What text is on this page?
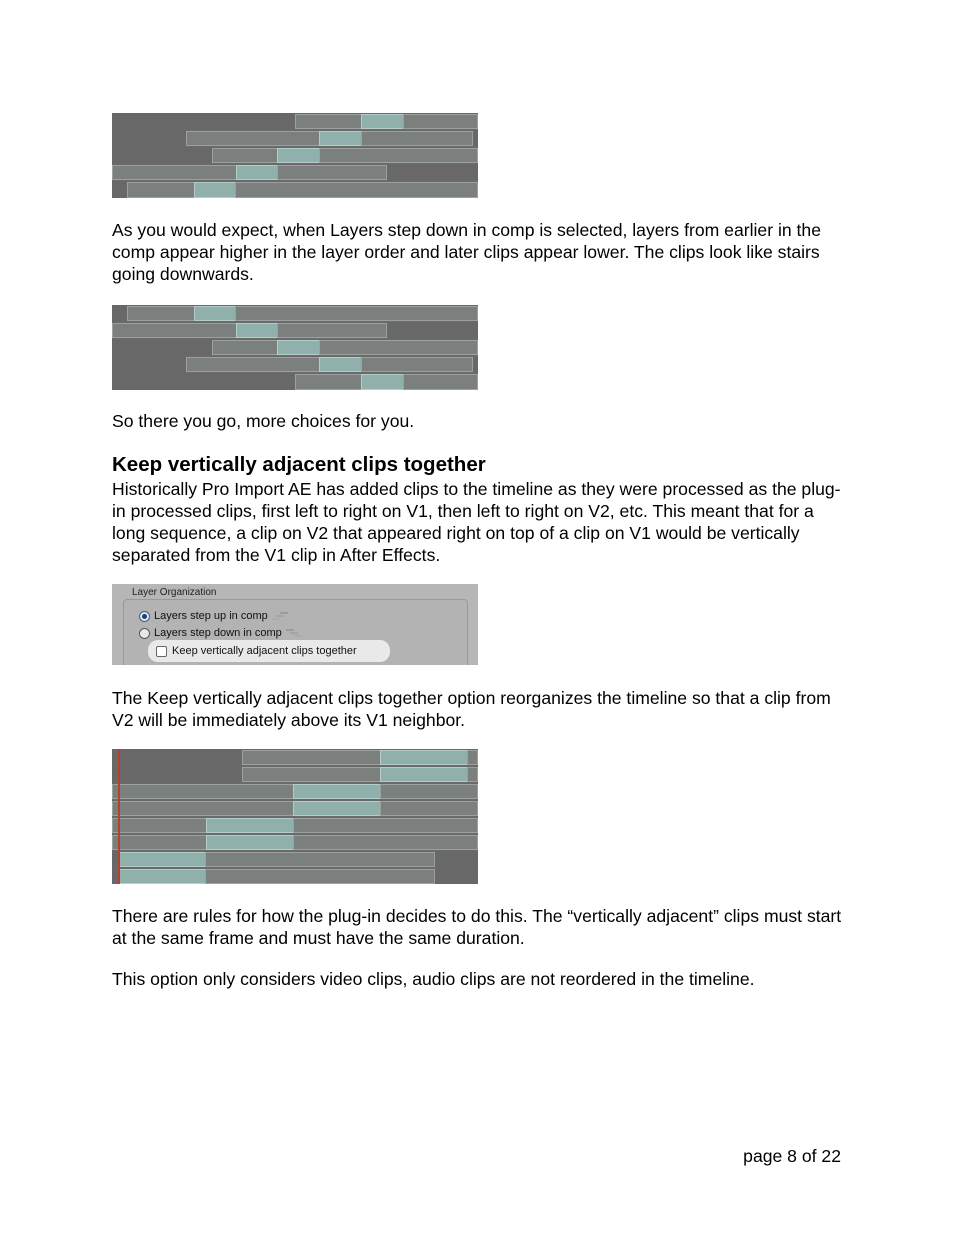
As you would expect, when Layers step down in comp is selected, layers from earlier in the comp appear higher in the layer order and later clips appear lower. The clips look like stairs going downwards.

So there you go, more choices for you.

Keep vertically adjacent clips together

Historically Pro Import AE has added clips to the timeline as they were processed as the plug-in processed clips, first left to right on V1, then left to right on V2, etc. This meant that for a long sequence, a clip on V2 that appeared right on top of a clip on V1 would be vertically separated from the V1 clip in After Effects.

Layer Organization
Layers step up in comp
Layers step down in comp
Keep vertically adjacent clips together

The Keep vertically adjacent clips together option reorganizes the timeline so that a clip from V2 will be immediately above its V1 neighbor.

There are rules for how the plug-in decides to do this. The “vertically adjacent” clips must start at the same frame and must have the same duration.

This option only considers video clips, audio clips are not reordered in the timeline.

page 8 of 22
